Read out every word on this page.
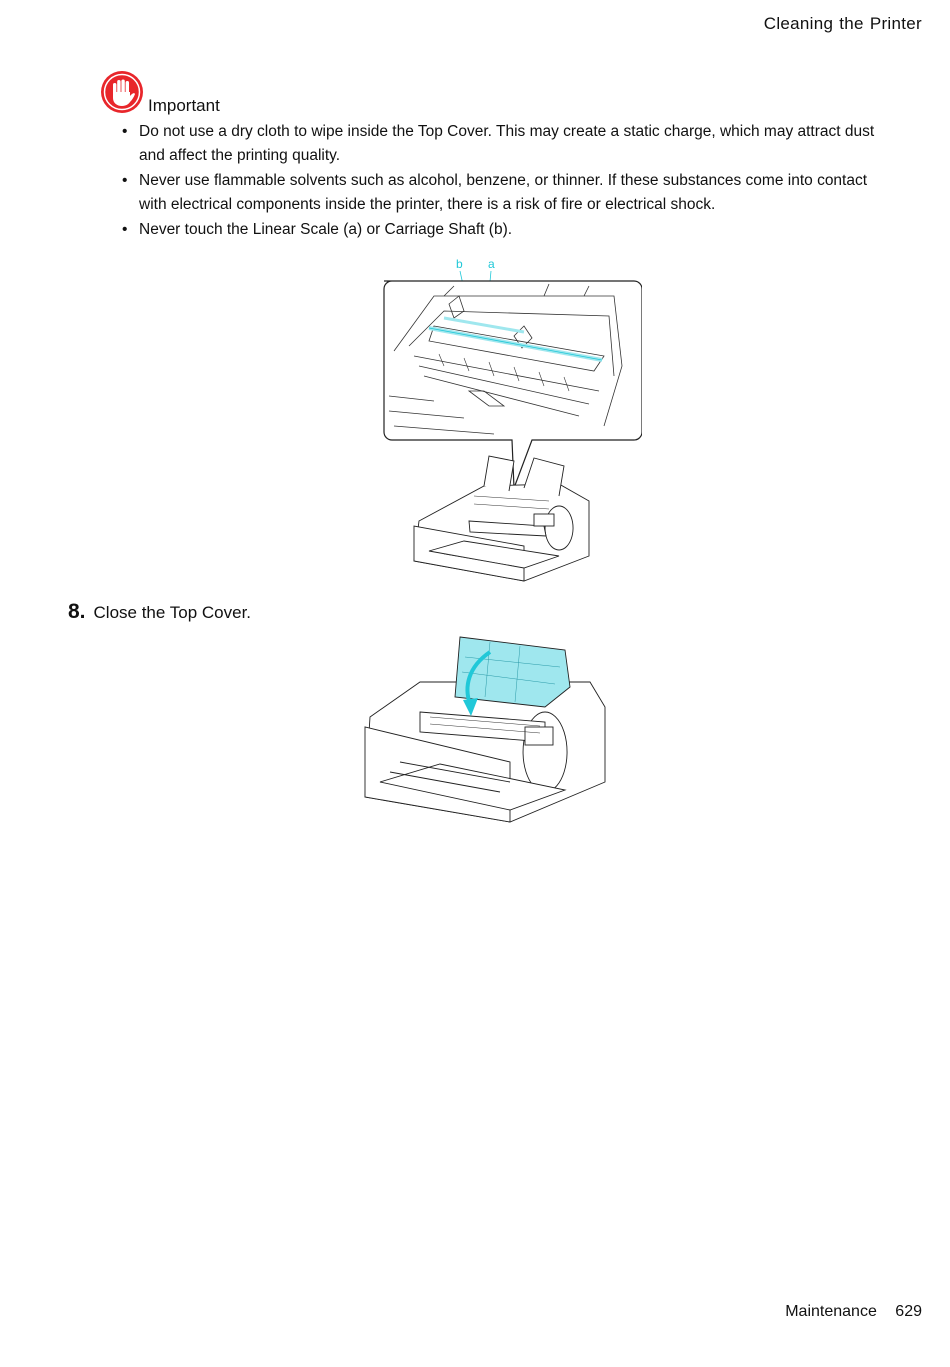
Cleaning the Printer
Important
• Do not use a dry cloth to wipe inside the Top Cover. This may create a static charge, which may attract dust and affect the printing quality.
• Never use flammable solvents such as alcohol, benzene, or thinner. If these substances come into contact with electrical components inside the printer, there is a risk of fire or electrical shock.
• Never touch the Linear Scale (a) or Carriage Shaft (b).
b a
8. Close the Top Cover.
Maintenance 629
